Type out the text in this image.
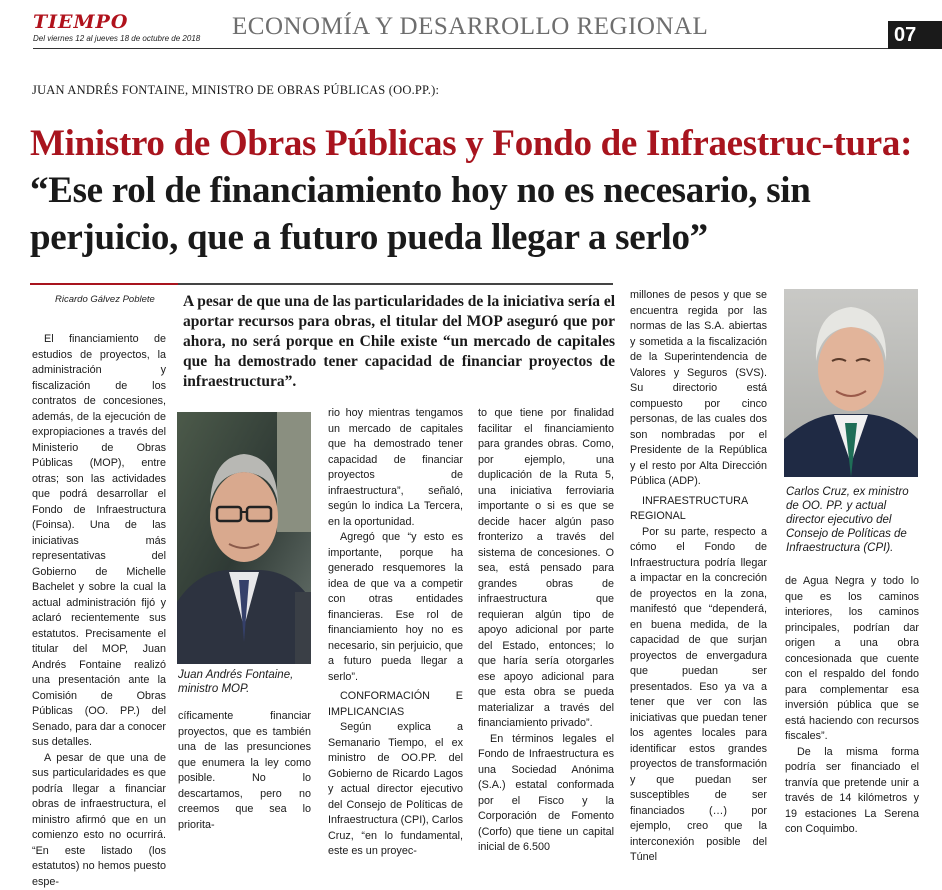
TIEMPO
Del viernes 12 al jueves 18 de octubre de 2018 ECONOMÍA Y DESARROLLO REGIONAL	07
JUAN ANDRÉS FONTAINE, MINISTRO DE OBRAS PÚBLICAS (OO.PP.):
Ministro de Obras Públicas y Fondo de Infraestruc-tura: “Ese rol de financiamiento hoy no es necesario, sin perjuicio, que a futuro pueda llegar a serlo”
Ricardo Gálvez Poblete A pesar de que una de las particularidades de la iniciativa sería el aportar recursos para obras, el titular del MOP aseguró que por ahora, no será porque en Chile existe “un mercado de capitales que ha demostrado tener capacidad de financiar proyectos de infraestructura”.

El financiamiento de estudios de proyectos, la administración y fiscalización de los contratos de concesiones, además, de la ejecución de expropiaciones a través del Ministerio de Obras Públicas (MOP), entre otras; son las actividades que podrá desarrollar el Fondo de Infraestructura (Foinsa). Una de las iniciativas más representativas del Gobierno de Michelle Bachelet y sobre la cual la actual administración fijó y aclaró recientemente sus estatutos. Precisamente el titular del MOP, Juan Andrés Fontaine realizó una presentación ante la Comisión de Obras Públicas (OO. PP.) del Senado, para dar a conocer sus detalles.

A pesar de que una de sus particularidades es que podría llegar a financiar obras de infraestructura, el ministro afirmó que en un comienzo esto no ocurrirá. “En este listado (los estatutos) no hemos puesto espe-

Juan Andrés Fontaine, ministro MOP.

cíficamente financiar proyectos, que es también una de las presunciones que enumera la ley como posible. No lo descartamos, pero no creemos que sea lo priorita-

rio hoy mientras tengamos un mercado de capitales que ha demostrado tener capacidad de financiar proyectos de infraestructura”, señaló, según lo indica La Tercera, en la oportunidad.

Agregó que “y esto es importante, porque ha generado resquemores la idea de que va a competir con otras entidades financieras. Ese rol de financiamiento hoy no es necesario, sin perjuicio, que a futuro pueda llegar a serlo”.

CONFORMACIÓN E IMPLICANCIAS

Según explica a Semanario Tiempo, el ex ministro de OO.PP. del Gobierno de Ricardo Lagos y actual director ejecutivo del Consejo de Políticas de Infraestructura (CPI), Carlos Cruz, “en lo fundamental, este es un proyec-

to que tiene por finalidad facilitar el financiamiento para grandes obras. Como, por ejemplo, una duplicación de la Ruta 5, una iniciativa ferroviaria importante o si es que se decide hacer algún paso fronterizo a través del sistema de concesiones. O sea, está pensado para grandes obras de infraestructura que requieran algún tipo de apoyo adicional por parte del Estado, entonces; lo que haría sería otorgarles ese apoyo adicional para que esta obra se pueda materializar a través del financiamiento privado”.

En términos legales el Fondo de Infraestructura es una Sociedad Anónima (S.A.) estatal conformada por el Fisco y la Corporación de Fomento (Corfo) que tiene un capital inicial de 6.500

millones de pesos y que se encuentra regida por las normas de las S.A. abiertas y sometida a la fiscalización de la Superintendencia de Valores y Seguros (SVS). Su directorio está compuesto por cinco personas, de las cuales dos son nombradas por el Presidente de la República y el resto por Alta Dirección Pública (ADP).

INFRAESTRUCTURA REGIONAL

Por su parte, respecto a cómo el Fondo de Infraestructura podría llegar a impactar en la concreción de proyectos en la zona, manifestó que “dependerá, en buena medida, de la capacidad de que surjan proyectos de envergadura que puedan ser presentados. Eso ya va a tener que ver con las iniciativas que puedan tener los agentes locales para identificar estos grandes proyectos de transformación y que puedan ser susceptibles de ser financiados (…) por ejemplo, creo que la interconexión posible del Túnel

Carlos Cruz, ex ministro de OO. PP. y actual director ejecutivo del Consejo de Políticas de Infraestructura (CPI).

de Agua Negra y todo lo que es los caminos interiores, los caminos principales, podrían dar origen a una obra concesionada que cuente con el respaldo del fondo para complementar esa inversión pública que se está haciendo con recursos fiscales”.

De la misma forma podría ser financiado el tranvía que pretende unir a través de 14 kilómetros y 19 estaciones La Serena con Coquimbo.
